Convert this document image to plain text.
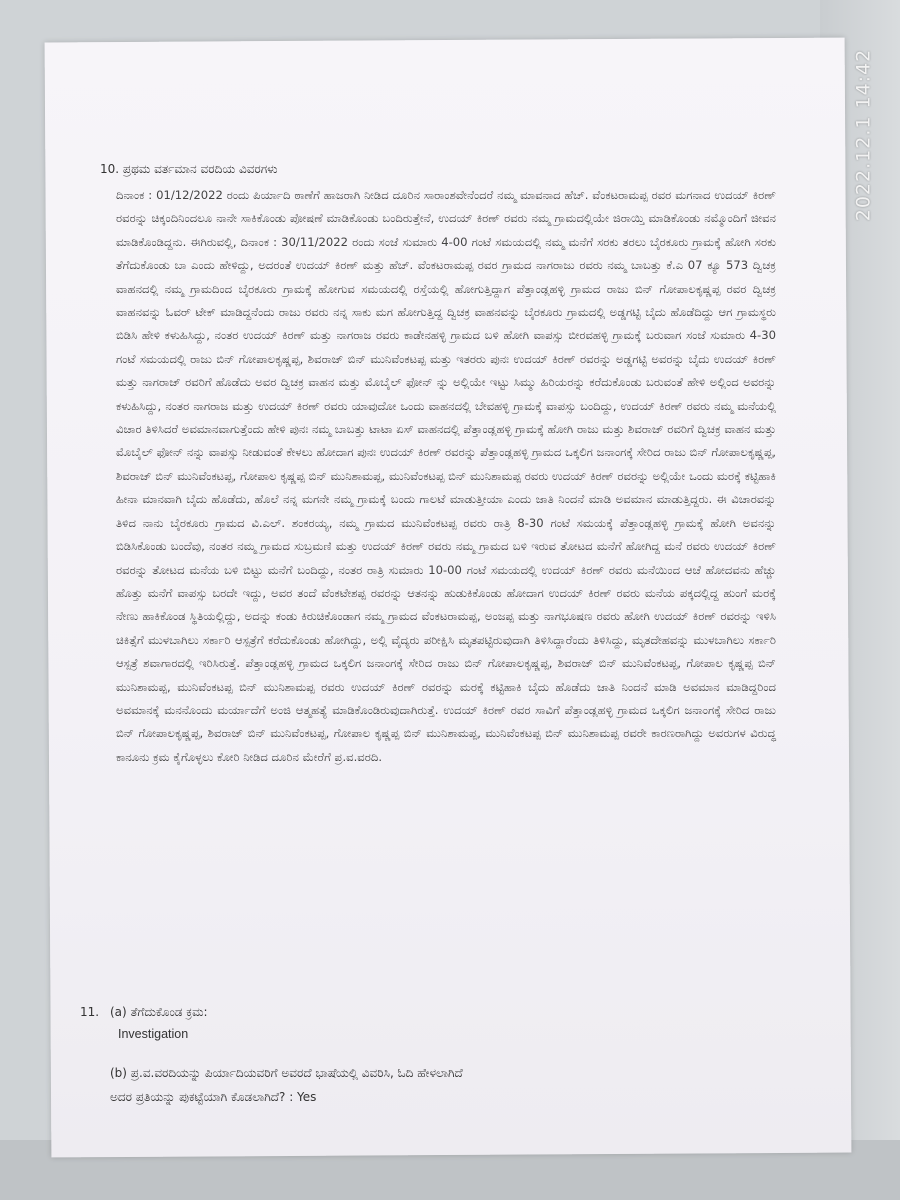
2022.12.1 14:42
10. ಪ್ರಥಮ ವರ್ತಮಾನ ವರದಿಯ ವಿವರಗಳು
ದಿನಾಂಕ : 01/12/2022 ರಂದು ಪಿರ್ಯಾದಿ ಠಾಣೆಗೆ ಹಾಜರಾಗಿ ನೀಡಿದ ದೂರಿನ ಸಾರಾಂಶವೇನೆಂದರೆ ನಮ್ಮ ಮಾವನಾದ ಹೆಚ್. ವೆಂಕಟರಾಮಪ್ಪ ರವರ ಮಗನಾದ ಉದಯ್ ಕಿರಣ್ ರವರನ್ನು ಚಿಕ್ಕಂದಿನಿಂದಲೂ ನಾನೇ ಸಾಕಿಕೊಂಡು ಪೋಷಣೆ ಮಾಡಿಕೊಂಡು ಬಂದಿರುತ್ತೇನೆ, ಉದಯ್ ಕಿರಣ್ ರವರು ನಮ್ಮ ಗ್ರಾಮದಲ್ಲಿಯೇ ಜಿರಾಯ್ತಿ ಮಾಡಿಕೊಂಡು ನಮ್ಮೊಂದಿಗೆ ಜೀವನ ಮಾಡಿಕೊಂಡಿದ್ದನು. ಈಗಿರುವಲ್ಲಿ, ದಿನಾಂಕ : 30/11/2022 ರಂದು ಸಂಜೆ ಸುಮಾರು 4-00 ಗಂಟೆ ಸಮಯದಲ್ಲಿ ನಮ್ಮ ಮನೆಗೆ ಸರಕು ತರಲು ಬೈರಕೂರು ಗ್ರಾಮಕ್ಕೆ ಹೋಗಿ ಸರಕು ತೆಗೆದುಕೊಂಡು ಬಾ ಎಂದು ಹೇಳಿದ್ದು, ಅದರಂತೆ ಉದಯ್ ಕಿರಣ್ ಮತ್ತು ಹೆಚ್. ವೆಂಕಟರಾಮಪ್ಪ ರವರ ಗ್ರಾಮದ ನಾಗರಾಜು ರವರು ನಮ್ಮ ಬಾಬತ್ತು ಕೆ.ಎ 07 ಕ್ಯೂ 573 ದ್ವಿಚಕ್ರ ವಾಹನದಲ್ಲಿ ನಮ್ಮ ಗ್ರಾಮದಿಂದ ಬೈರಕೂರು ಗ್ರಾಮಕ್ಕೆ ಹೋಗುವ ಸಮಯದಲ್ಲಿ ರಸ್ತೆಯಲ್ಲಿ ಹೋಗುತ್ತಿದ್ದಾಗ ಪೆತ್ತಾಂಡ್ಲಹಳ್ಳಿ ಗ್ರಾಮದ ರಾಜು ಬಿನ್ ಗೋಪಾಲಕೃಷ್ಣಪ್ಪ ರವರ ದ್ವಿಚಕ್ರ ವಾಹನವನ್ನು ಓವರ್ ಟೇಕ್ ಮಾಡಿದ್ದನೆಂದು ರಾಜು ರವರು ನನ್ನ ಸಾಕು ಮಗ ಹೋಗುತ್ತಿದ್ದ ದ್ವಿಚಕ್ರ ವಾಹನವನ್ನು ಬೈರಕೂರು ಗ್ರಾಮದಲ್ಲಿ ಅಡ್ಡಗಟ್ಟಿ ಬೈದು ಹೊಡೆದಿದ್ದು ಆಗ ಗ್ರಾಮಸ್ಥರು ಬಿಡಿಸಿ ಹೇಳಿ ಕಳುಹಿಸಿದ್ದು, ನಂತರ ಉದಯ್ ಕಿರಣ್ ಮತ್ತು ನಾಗರಾಜ ರವರು ಕಾಡೇನಹಳ್ಳಿ ಗ್ರಾಮದ ಬಳಿ ಹೋಗಿ ವಾಪಸ್ಸು ಬೀರವಹಳ್ಳಿ ಗ್ರಾಮಕ್ಕೆ ಬರುವಾಗ ಸಂಜೆ ಸುಮಾರು 4-30 ಗಂಟೆ ಸಮಯದಲ್ಲಿ ರಾಜು ಬಿನ್ ಗೋಪಾಲಕೃಷ್ಣಪ್ಪ, ಶಿವರಾಜ್ ಬಿನ್ ಮುನಿವೆಂಕಟಪ್ಪ ಮತ್ತು ಇತರರು ಪುನಃ ಉದಯ್ ಕಿರಣ್ ರವರನ್ನು ಅಡ್ಡಗಟ್ಟಿ ಅವರನ್ನು ಬೈದು ಉದಯ್ ಕಿರಣ್ ಮತ್ತು ನಾಗರಾಜ್ ರವರಿಗೆ ಹೊಡೆದು ಅವರ ದ್ವಿಚಕ್ರ ವಾಹನ ಮತ್ತು ಮೊಬೈಲ್ ಫೋನ್ ನ್ನು ಅಲ್ಲಿಯೇ ಇಟ್ಟು ಸಿಮ್ಮು ಹಿರಿಯರನ್ನು ಕರೆದುಕೊಂಡು ಬರುವಂತೆ ಹೇಳಿ ಅಲ್ಲಿಂದ ಅವರನ್ನು ಕಳುಹಿಸಿದ್ದು, ನಂತರ ನಾಗರಾಜ ಮತ್ತು ಉದಯ್ ಕಿರಣ್ ರವರು ಯಾವುದೋ ಒಂದು ವಾಹನದಲ್ಲಿ ಬೇವಹಳ್ಳಿ ಗ್ರಾಮಕ್ಕೆ ವಾಪಸ್ಸು ಬಂದಿದ್ದು, ಉದಯ್ ಕಿರಣ್ ರವರು ನಮ್ಮ ಮನೆಯಲ್ಲಿ ವಿಚಾರ ತಿಳಿಸಿದರೆ ಅವಮಾನವಾಗುತ್ತೆಂದು ಹೇಳಿ ಪುನಃ ನಮ್ಮ ಬಾಬತ್ತು ಟಾಟಾ ಏಸ್ ವಾಹನದಲ್ಲಿ ಪೆತ್ತಾಂಡ್ಲಹಳ್ಳಿ ಗ್ರಾಮಕ್ಕೆ ಹೋಗಿ ರಾಜು ಮತ್ತು ಶಿವರಾಜ್ ರವರಿಗೆ ದ್ವಿಚಕ್ರ ವಾಹನ ಮತ್ತು ಮೊಬೈಲ್ ಫೋನ್ ನನ್ನು ವಾಪಸ್ಸು ನೀಡುವಂತೆ ಕೇಳಲು ಹೋದಾಗ ಪುನಃ ಉದಯ್ ಕಿರಣ್ ರವರನ್ನು ಪೆತ್ತಾಂಡ್ಲಹಳ್ಳಿ ಗ್ರಾಮದ ಒಕ್ಕಲಿಗ ಜನಾಂಗಕ್ಕೆ ಸೇರಿದ ರಾಜು ಬಿನ್ ಗೋಪಾಲಕೃಷ್ಣಪ್ಪ, ಶಿವರಾಜ್ ಬಿನ್ ಮುನಿವೆಂಕಟಪ್ಪ, ಗೋಪಾಲ ಕೃಷ್ಣಪ್ಪ ಬಿನ್ ಮುನಿಶಾಮಪ್ಪ, ಮುನಿವೆಂಕಟಪ್ಪ ಬಿನ್ ಮುನಿಶಾಮಪ್ಪ ರವರು ಉದಯ್ ಕಿರಣ್ ರವರನ್ನು ಅಲ್ಲಿಯೇ ಒಂದು ಮರಕ್ಕೆ ಕಟ್ಟಿಹಾಕಿ ಹೀನಾ ಮಾನವಾಗಿ ಬೈದು ಹೊಡೆದು, ಹೊಲೆ ನನ್ನ ಮಗನೇ ನಮ್ಮ ಗ್ರಾಮಕ್ಕೆ ಬಂದು ಗಾಲಟೆ ಮಾಡುತ್ತೀಯಾ ಎಂದು ಜಾತಿ ನಿಂದನೆ ಮಾಡಿ ಅವಮಾನ ಮಾಡುತ್ತಿದ್ದರು. ಈ ವಿಚಾರವನ್ನು ತಿಳಿದ ನಾನು ಬೈರಕೂರು ಗ್ರಾಮದ ವಿ.ಎಲ್. ಶಂಕರಯ್ಯ, ನಮ್ಮ ಗ್ರಾಮದ ಮುನಿವೆಂಕಟಪ್ಪ ರವರು ರಾತ್ರಿ 8-30 ಗಂಟೆ ಸಮಯಕ್ಕೆ ಪೆತ್ತಾಂಡ್ಲಹಳ್ಳಿ ಗ್ರಾಮಕ್ಕೆ ಹೋಗಿ ಅವನನ್ನು ಬಿಡಿಸಿಕೊಂಡು ಬಂದೆವು, ನಂತರ ನಮ್ಮ ಗ್ರಾಮದ ಸುಬ್ರಮಣಿ ಮತ್ತು ಉದಯ್ ಕಿರಣ್ ರವರು ನಮ್ಮ ಗ್ರಾಮದ ಬಳಿ ಇರುವ ತೋಟದ ಮನೆಗೆ ಹೋಗಿದ್ದ ಮನೆ ರವರು ಉದಯ್ ಕಿರಣ್ ರವರನ್ನು ತೋಟದ ಮನೆಯ ಬಳಿ ಬಿಟ್ಟು ಮನೆಗೆ ಬಂದಿದ್ದು, ನಂತರ ರಾತ್ರಿ ಸುಮಾರು 10-00 ಗಂಟೆ ಸಮಯದಲ್ಲಿ ಉದಯ್ ಕಿರಣ್ ರವರು ಮನೆಯಿಂದ ಆಚೆ ಹೋದವನು ಹೆಚ್ಚು ಹೊತ್ತು ಮನೆಗೆ ವಾಪಸ್ಸು ಬರದೇ ಇದ್ದು, ಅವರ ತಂದೆ ವೆಂಕಟೇಶಪ್ಪ ರವರನ್ನು ಆತನನ್ನು ಹುಡುಕಿಕೊಂಡು ಹೋದಾಗ ಉದಯ್ ಕಿರಣ್ ರವರು ಮನೆಯ ಪಕ್ಕದಲ್ಲಿದ್ದ ಹುಂಗೆ ಮರಕ್ಕೆ ನೇಣು ಹಾಕಿಕೊಂಡ ಸ್ಥಿತಿಯಲ್ಲಿದ್ದು, ಅದನ್ನು ಕಂಡು ಕಿರುಚಿಕೊಂಡಾಗ ನಮ್ಮ ಗ್ರಾಮದ ವೆಂಕಟರಾಮಪ್ಪ, ಅಂಜಪ್ಪ ಮತ್ತು ನಾಗಭೂಷಣ ರವರು ಹೋಗಿ ಉದಯ್ ಕಿರಣ್ ರವರನ್ನು ಇಳಿಸಿ ಚಿಕಿತ್ಸೆಗೆ ಮುಳಬಾಗಿಲು ಸರ್ಕಾರಿ ಆಸ್ಪತ್ರೆಗೆ ಕರೆದುಕೊಂಡು ಹೋಗಿದ್ದು, ಅಲ್ಲಿ ವೈದ್ಯರು ಪರೀಕ್ಷಿಸಿ ಮೃತಪಟ್ಟಿರುವುದಾಗಿ ತಿಳಿಸಿದ್ದಾರೆಂದು ತಿಳಿಸಿದ್ದು, ಮೃತದೇಹವನ್ನು ಮುಳಬಾಗಿಲು ಸರ್ಕಾರಿ ಆಸ್ಪತ್ರೆ ಶವಾಗಾರದಲ್ಲಿ ಇರಿಸಿರುತ್ತೆ. ಪೆತ್ತಾಂಡ್ಲಹಳ್ಳಿ ಗ್ರಾಮದ ಒಕ್ಕಲಿಗ ಜನಾಂಗಕ್ಕೆ ಸೇರಿದ ರಾಜು ಬಿನ್ ಗೋಪಾಲಕೃಷ್ಣಪ್ಪ, ಶಿವರಾಜ್ ಬಿನ್ ಮುನಿವೆಂಕಟಪ್ಪ, ಗೋಪಾಲ ಕೃಷ್ಣಪ್ಪ ಬಿನ್ ಮುನಿಶಾಮಪ್ಪ, ಮುನಿವೆಂಕಟಪ್ಪ ಬಿನ್ ಮುನಿಶಾಮಪ್ಪ ರವರು ಉದಯ್ ಕಿರಣ್ ರವರನ್ನು ಮರಕ್ಕೆ ಕಟ್ಟಿಹಾಕಿ ಬೈದು ಹೊಡೆದು ಜಾತಿ ನಿಂದನೆ ಮಾಡಿ ಅವಮಾನ ಮಾಡಿದ್ದರಿಂದ ಅವಮಾನಕ್ಕೆ ಮನನೊಂದು ಮರ್ಯಾದೆಗೆ ಅಂಜಿ ಆತ್ಮಹತ್ಯೆ ಮಾಡಿಕೊಂಡಿರುವುದಾಗಿರುತ್ತೆ. ಉದಯ್ ಕಿರಣ್ ರವರ ಸಾವಿಗೆ ಪೆತ್ತಾಂಡ್ಲಹಳ್ಳಿ ಗ್ರಾಮದ ಒಕ್ಕಲಿಗ ಜನಾಂಗಕ್ಕೆ ಸೇರಿದ ರಾಜು ಬಿನ್ ಗೋಪಾಲಕೃಷ್ಣಪ್ಪ, ಶಿವರಾಜ್ ಬಿನ್ ಮುನಿವೆಂಕಟಪ್ಪ, ಗೋಪಾಲ ಕೃಷ್ಣಪ್ಪ ಬಿನ್ ಮುನಿಶಾಮಪ್ಪ, ಮುನಿವೆಂಕಟಪ್ಪ ಬಿನ್ ಮುನಿಶಾಮಪ್ಪ ರವರೇ ಕಾರಣರಾಗಿದ್ದು ಅವರುಗಳ ವಿರುದ್ಧ ಕಾನೂನು ಕ್ರಮ ಕೈಗೊಳ್ಳಲು ಕೋರಿ ನೀಡಿದ ದೂರಿನ ಮೇರೆಗೆ ಪ್ರ.ವ.ವರದಿ.
11. (a) ತೆಗೆದುಕೊಂಡ ಕ್ರಮ:
Investigation
(b) ಪ್ರ.ವ.ವರದಿಯನ್ನು ಪಿರ್ಯಾದಿಯವರಿಗೆ ಅವರದೆ ಭಾಷೆಯಲ್ಲಿ ವಿವರಿಸಿ, ಓದಿ ಹೇಳಲಾಗಿದೆ
ಅದರ ಪ್ರತಿಯನ್ನು ಪುಕಟ್ಟೆಯಾಗಿ ಕೊಡಲಾಗಿದೆ? : Yes
